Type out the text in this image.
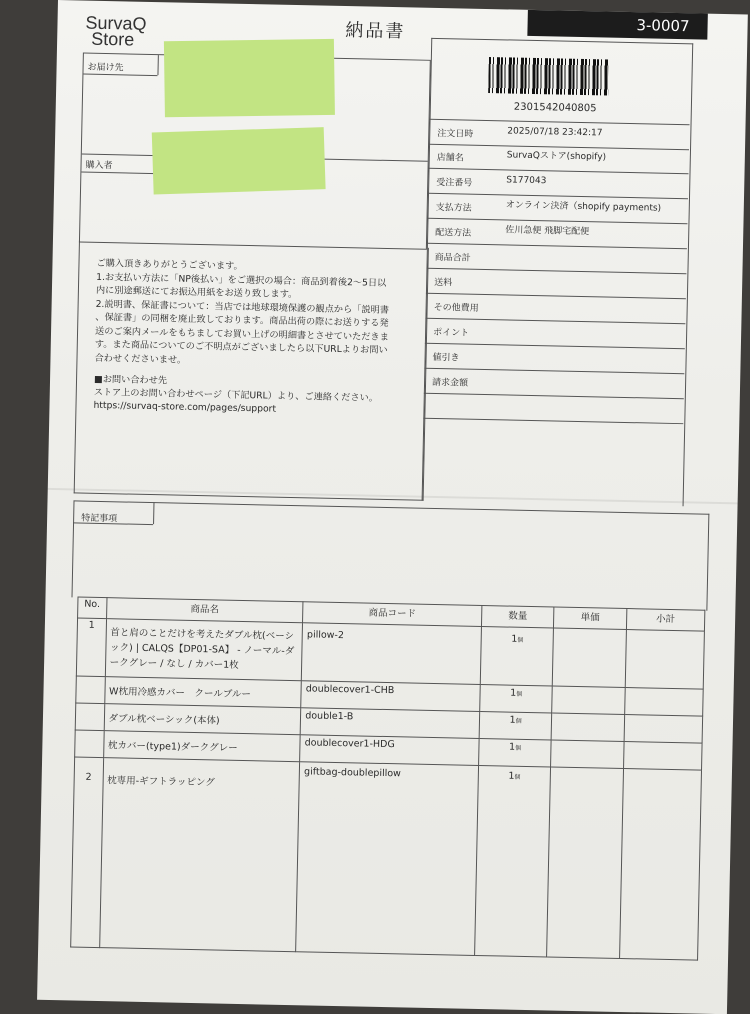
SurvaQ
Store	納品書	3-0007
お届け先
購入者
2301542040805
注文日時	2025/07/18 23:42:17
店舗名	SurvaQストア(shopify)
受注番号	S177043
支払方法	オンライン決済（shopify payments)
配送方法	佐川急便 飛脚宅配便
商品合計
送料
その他費用
ポイント
値引き
請求金額

ご購入頂きありがとうございます。

1.お支払い方法に「NP後払い」をご選択の場合：商品到着後2〜5日以

内に別途郵送にてお振込用紙をお送り致します。

2.説明書、保証書について：当店では地球環境保護の観点から「説明書

、保証書」の同梱を廃止致しております。商品出荷の際にお送りする発

送のご案内メールをもちましてお買い上げの明細書とさせていただきま

す。また商品についてのご不明点がございましたら以下URLよりお問い

合わせくださいませ。

■お問い合わせ先

ストア上のお問い合わせページ（下記URL）より、ご連絡ください。

https://survaq-store.com/pages/support

特記事項
No.	商品名	商品コード	数量	単価	小計
1	首と肩のことだけを考えたダブル枕(ベーシック) | CALQS【DP01-SA】 - ノーマル-ダークグレー / なし / カバー1枚	pillow-2	1個		
	W枕用冷感カバー　クールブルー	doublecover1-CHB	1個		
	ダブル枕ベーシック(本体)	double1-B	1個		
	枕カバー(type1)ダークグレー	doublecover1-HDG	1個		
2	枕専用-ギフトラッピング	giftbag-doublepillow	1個		
